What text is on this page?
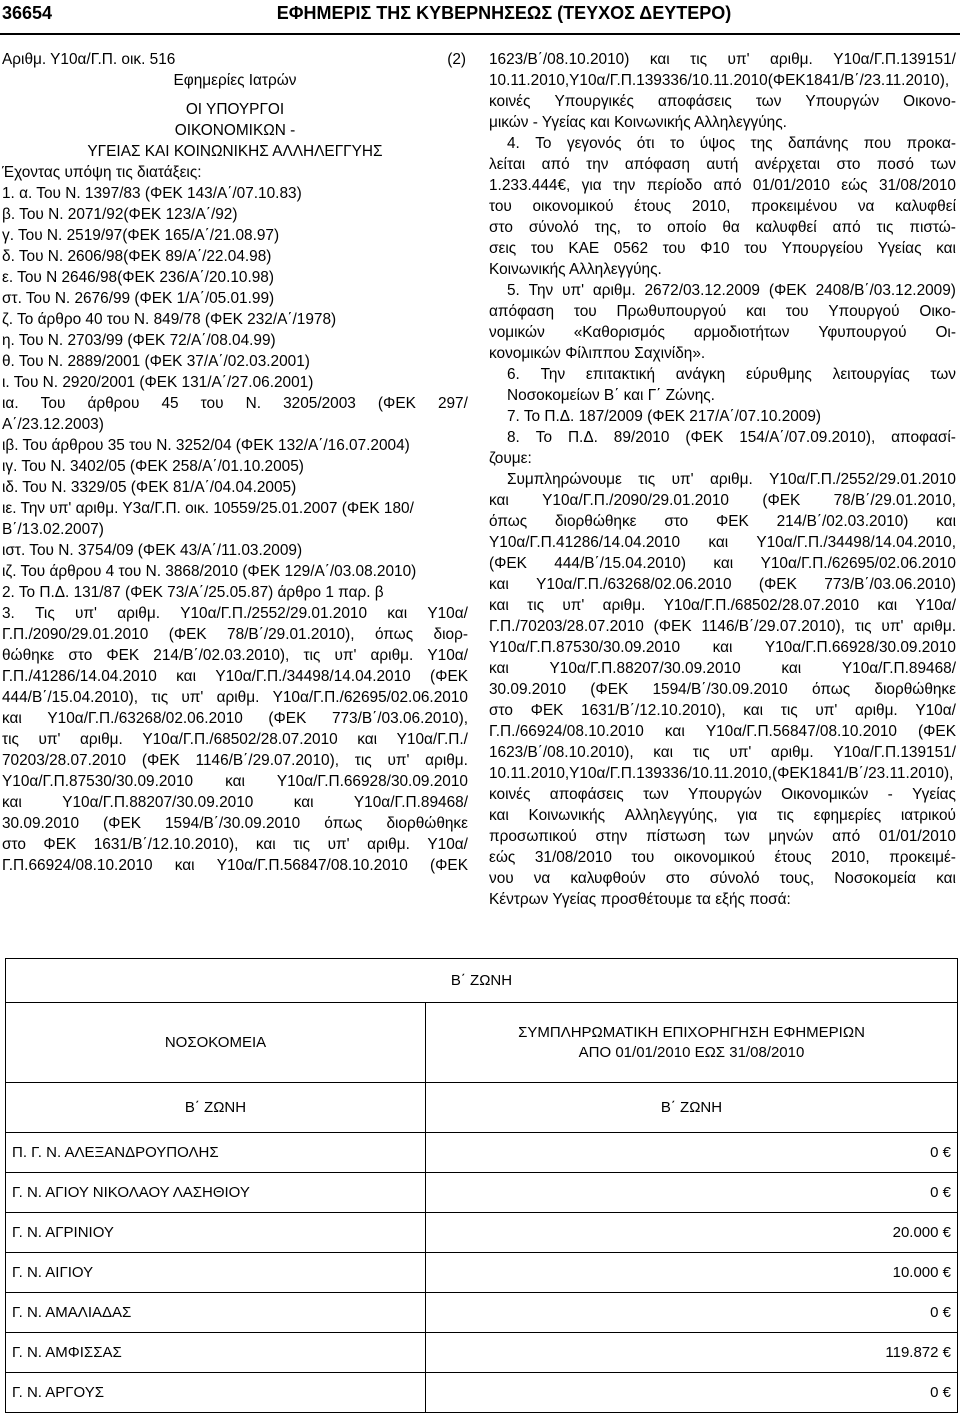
36654	ΕΦΗΜΕΡΙΣ ΤΗΣ ΚΥΒΕΡΝΗΣΕΩΣ (ΤΕΥΧΟΣ ΔΕΥΤΕΡΟ)
Αριθμ. Υ10α/Γ.Π. οικ. 516	(2)
Εφημερίες Ιατρών
ΟΙ ΥΠΟΥΡΓΟΙ
ΟΙΚΟΝΟΜΙΚΩΝ -
ΥΓΕΙΑΣ ΚΑΙ ΚΟΙΝΩΝΙΚΗΣ ΑΛΛΗΛΕΓΓΥΗΣ
Έχοντας υπόψη τις διατάξεις:
1. α. Του Ν. 1397/83 (ΦΕΚ 143/Α΄/07.10.83)
β. Του Ν. 2071/92(ΦΕΚ 123/Α΄/92)
γ. Του Ν. 2519/97(ΦΕΚ 165/Α΄/21.08.97)
δ. Του Ν. 2606/98(ΦΕΚ 89/Α΄/22.04.98)
ε. Του Ν 2646/98(ΦΕΚ 236/Α΄/20.10.98)
στ. Του Ν. 2676/99 (ΦΕΚ 1/Α΄/05.01.99)
ζ. Το άρθρο 40 του Ν. 849/78 (ΦΕΚ 232/Α΄/1978)
η. Του Ν. 2703/99 (ΦΕΚ 72/Α΄/08.04.99)
θ. Του Ν. 2889/2001 (ΦΕΚ 37/Α΄/02.03.2001)
ι. Του Ν. 2920/2001 (ΦΕΚ 131/Α΄/27.06.2001)
ια. Του άρθρου 45 του Ν. 3205/2003 (ΦΕΚ 297/
Α΄/23.12.2003)
ιβ. Του άρθρου 35 του Ν. 3252/04 (ΦΕΚ 132/Α΄/16.07.2004)
ιγ. Του Ν. 3402/05 (ΦΕΚ 258/Α΄/01.10.2005)
ιδ. Του Ν. 3329/05 (ΦΕΚ 81/Α΄/04.04.2005)
ιε. Την υπ' αριθμ. Υ3α/Γ.Π. οικ. 10559/25.01.2007 (ΦΕΚ 180/
Β΄/13.02.2007)
ιστ. Του Ν. 3754/09 (ΦΕΚ 43/Α΄/11.03.2009)
ιζ. Του άρθρου 4 του Ν. 3868/2010 (ΦΕΚ 129/Α΄/03.08.2010)
2. Το Π.Δ. 131/87 (ΦΕΚ 73/Α΄/25.05.87) άρθρο 1 παρ. β
3. Τις υπ' αριθμ. Υ10α/Γ.Π./2552/29.01.2010 και Υ10α/
Γ.Π./2090/29.01.2010 (ΦΕΚ 78/Β΄/29.01.2010), όπως διορ-
θώθηκε στο ΦΕΚ 214/Β΄/02.03.2010), τις υπ' αριθμ. Υ10α/
Γ.Π./41286/14.04.2010 και Υ10α/Γ.Π./34498/14.04.2010 (ΦΕΚ
444/Β΄/15.04.2010), τις υπ' αριθμ. Υ10α/Γ.Π./62695/02.06.2010
και Υ10α/Γ.Π./63268/02.06.2010 (ΦΕΚ 773/Β΄/03.06.2010),
τις υπ' αριθμ. Υ10α/Γ.Π./68502/28.07.2010 και Υ10α/Γ.Π./
70203/28.07.2010 (ΦΕΚ 1146/Β΄/29.07.2010), τις υπ' αριθμ.
Υ10α/Γ.Π.87530/30.09.2010 και Υ10α/Γ.Π.66928/30.09.2010
και	Υ10α/Γ.Π.88207/30.09.2010	και	Υ10α/Γ.Π.89468/
30.09.2010 (ΦΕΚ 1594/Β΄/30.09.2010 όπως διορθώθηκε
στο ΦΕΚ 1631/Β΄/12.10.2010), και τις υπ' αριθμ. Υ10α/
Γ.Π.66924/08.10.2010 και Υ10α/Γ.Π.56847/08.10.2010 (ΦΕΚ
1623/Β΄/08.10.2010) και τις υπ' αριθμ. Υ10α/Γ.Π.139151/
10.11.2010,Υ10α/Γ.Π.139336/10.11.2010(ΦΕΚ1841/Β΄/23.11.2010),
κοινές Υπουργικές αποφάσεις των Υπουργών Οικονο-
μικών - Υγείας και Κοινωνικής Αλληλεγγύης.
4. Το γεγονός ότι το ύψος της δαπάνης που προκα-
λείται από την απόφαση αυτή ανέρχεται στο ποσό των
1.233.444€, για την περίοδο από 01/01/2010 εώς 31/08/2010
του οικονομικού έτους 2010, προκειμένου να καλυφθεί
στο σύνολό της, το οποίο θα καλυφθεί από τις πιστώ-
σεις του ΚΑΕ 0562 του Φ10 του Υπουργείου Υγείας και
Κοινωνικής Αλληλεγγύης.
5. Την υπ' αριθμ. 2672/03.12.2009 (ΦΕΚ 2408/Β΄/03.12.2009)
απόφαση του Πρωθυπουργού και του Υπουργού Οικο-
νομικών «Καθορισμός αρμοδιοτήτων Υφυπουργού Οι-
κονομικών Φίλιππου Σαχινίδη».
6. Την επιτακτική ανάγκη εύρυθμης λειτουργίας των
Νοσοκομείων Β΄ και Γ΄ Ζώνης.
7. Το Π.Δ. 187/2009 (ΦΕΚ 217/Α΄/07.10.2009)
8. Το Π.Δ. 89/2010 (ΦΕΚ 154/Α΄/07.09.2010), αποφασί-
ζουμε:
Συμπληρώνουμε τις υπ' αριθμ. Υ10α/Γ.Π./2552/29.01.2010
και Υ10α/Γ.Π./2090/29.01.2010 (ΦΕΚ 78/Β΄/29.01.2010,
όπως διορθώθηκε στο ΦΕΚ 214/Β΄/02.03.2010) και
Υ10α/Γ.Π.41286/14.04.2010 και Υ10α/Γ.Π./34498/14.04.2010,
(ΦΕΚ 444/Β΄/15.04.2010) και Υ10α/Γ.Π./62695/02.06.2010
και Υ10α/Γ.Π./63268/02.06.2010 (ΦΕΚ 773/Β΄/03.06.2010)
και τις υπ' αριθμ. Υ10α/Γ.Π./68502/28.07.2010 και Υ10α/
Γ.Π./70203/28.07.2010 (ΦΕΚ 1146/Β΄/29.07.2010), τις υπ' αριθμ.
Υ10α/Γ.Π.87530/30.09.2010 και Υ10α/Γ.Π.66928/30.09.2010
και	Υ10α/Γ.Π.88207/30.09.2010	και	Υ10α/Γ.Π.89468/
30.09.2010 (ΦΕΚ 1594/Β΄/30.09.2010 όπως διορθώθηκε
στο ΦΕΚ 1631/Β΄/12.10.2010), και τις υπ' αριθμ. Υ10α/
Γ.Π./66924/08.10.2010 και Υ10α/Γ.Π.56847/08.10.2010 (ΦΕΚ
1623/Β΄/08.10.2010), και τις υπ' αριθμ. Υ10α/Γ.Π.139151/
10.11.2010,Υ10α/Γ.Π.139336/10.11.2010,(ΦΕΚ1841/Β΄/23.11.2010),
κοινές αποφάσεις των Υπουργών Οικονομικών - Υγείας
και Κοινωνικής Αλληλεγγύης, για τις εφημερίες ιατρικού
προσωπικού στην πίστωση των μηνών από 01/01/2010
εώς 31/08/2010 του οικονομικού έτους 2010, προκειμέ-
νου να καλυφθούν στο σύνολό τους, Νοσοκομεία και
Κέντρων Υγείας προσθέτουμε τα εξής ποσά:
Β΄ ΖΩΝΗ	
ΝΟΣΟΚΟΜΕΙΑ	ΣΥΜΠΛΗΡΩΜΑΤΙΚΗ ΕΠΙΧΟΡΗΓΗΣΗ ΕΦΗΜΕΡΙΩΝ
ΑΠΟ 01/01/2010 ΕΩΣ 31/08/2010

Β΄ ΖΩΝΗ	Β΄ ΖΩΝΗ
Π. Γ. Ν. ΑΛΕΞΑΝΔΡΟΥΠΟΛΗΣ	0 €
Γ. Ν. ΑΓΙΟΥ ΝΙΚΟΛΑΟΥ ΛΑΣΗΘΙΟΥ	0 €
Γ. Ν. ΑΓΡΙΝΙΟΥ	20.000 €
Γ. Ν. ΑΙΓΙΟΥ	10.000 €
Γ. Ν. ΑΜΑΛΙΑΔΑΣ	0 €
Γ. Ν. ΑΜΦΙΣΣΑΣ	119.872 €
Γ. Ν. ΑΡΓΟΥΣ	0 €
